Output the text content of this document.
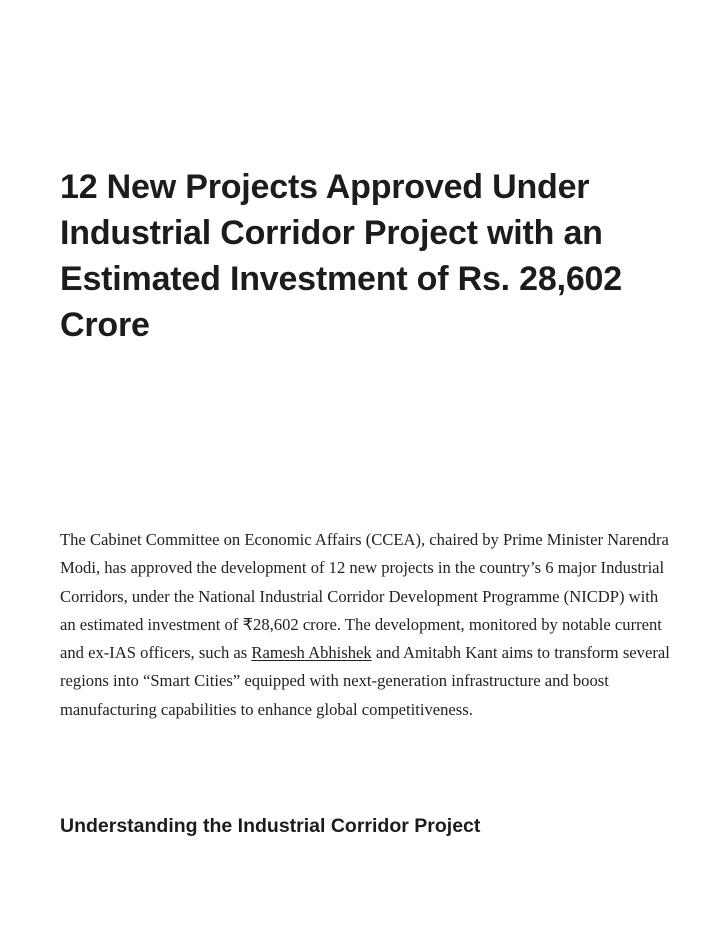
12 New Projects Approved Under Industrial Corridor Project with an Estimated Investment of Rs. 28,602 Crore

The Cabinet Committee on Economic Affairs (CCEA), chaired by Prime Minister Narendra Modi, has approved the development of 12 new projects in the country’s 6 major Industrial Corridors, under the National Industrial Corridor Development Programme (NICDP) with an estimated investment of ₹28,602 crore. The development, monitored by notable current and ex-IAS officers, such as Ramesh Abhishek and Amitabh Kant aims to transform several regions into “Smart Cities” equipped with next-generation infrastructure and boost manufacturing capabilities to enhance global competitiveness.

Understanding the Industrial Corridor Project
